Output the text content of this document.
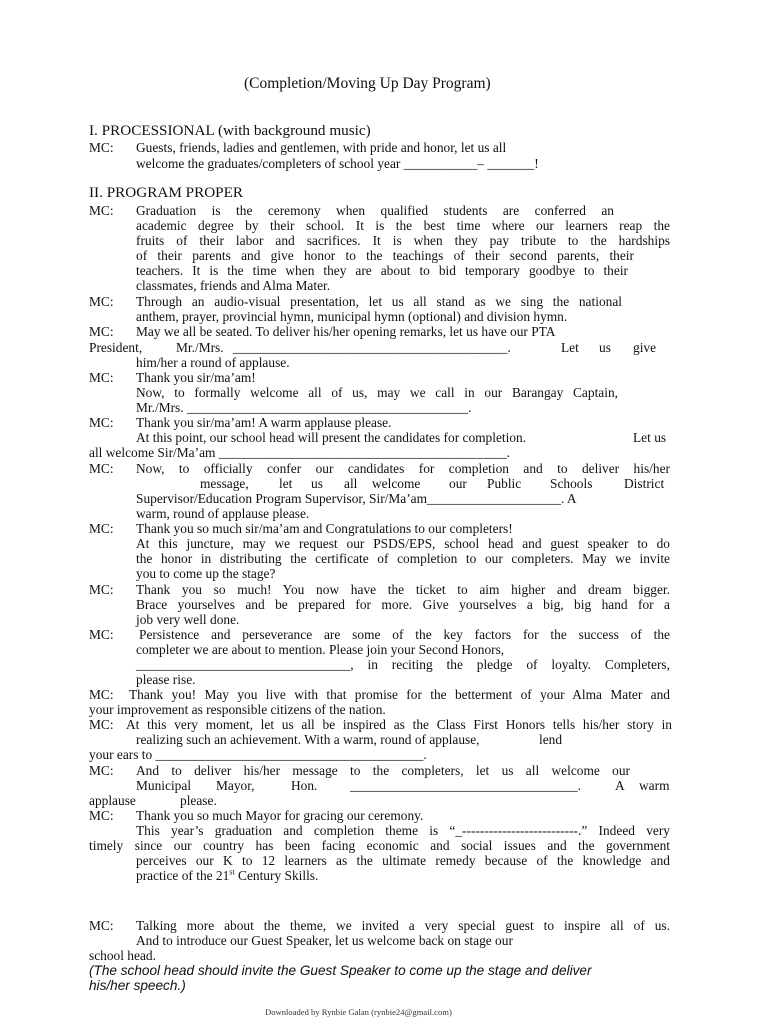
(Completion/Moving Up Day Program)
I. PROCESSIONAL (with background music)
MC: Guests, friends, ladies and gentlemen, with pride and honor, let us all
welcome the graduates/completers of school year ___________– _______!
II. PROGRAM PROPER
MC: Graduation is the ceremony when qualified students are conferred an
academic degree by their school. It is the best time where our learners reap the
fruits of their labor and sacrifices. It is when they pay tribute to the hardships
of their parents and give honor to the teachings of their second parents, their
teachers. It is the time when they are about to bid temporary goodbye to their
classmates, friends and Alma Mater.
MC: Through an audio-visual presentation, let us all stand as we sing the national
anthem, prayer, provincial hymn, municipal hymn (optional) and division hymn.
MC: May we all be seated. To deliver his/her opening remarks, let us have our PTA
President,	Mr./Mrs. _________________________________________.	Let us give
him/her a round of applause.
MC: Thank you sir/ma’am!
Now, to formally welcome all of us, may we call in our Barangay Captain,
Mr./Mrs. __________________________________________.
MC: Thank you sir/ma’am! A warm applause please.
At this point, our school head will present the candidates for completion.	Let us
all welcome Sir/Ma’am ___________________________________________.
MC: Now, to officially confer our candidates for completion and to deliver his/her
message, let us all welcome our Public Schools District
Supervisor/Education Program Supervisor, Sir/Ma’am____________________. A
warm, round of applause please.
MC: Thank you so much sir/ma’am and Congratulations to our completers!
At this juncture, may we request our PSDS/EPS, school head and guest speaker to do
the honor in distributing the certificate of completion to our completers. May we invite
you to come up the stage?
MC: Thank you so much! You now have the ticket to aim higher and dream bigger.
Brace yourselves and be prepared for more. Give yourselves a big, big hand for a
job very well done.
MC: Persistence and perseverance are some of the key factors for the success of the
completer we are about to mention. Please join your Second Honors,
________________________________, in reciting the pledge of loyalty. Completers,
please rise.
MC: Thank you! May you live with that promise for the betterment of your Alma Mater and
your improvement as responsible citizens of the nation.
MC: At this very moment, let us all be inspired as the Class First Honors tells his/her story in
realizing such an achievement. With a warm, round of applause,	lend
your ears to ________________________________________.
MC: And to deliver his/her message to the completers, let us all welcome our
Municipal Mayor,	Hon. __________________________________.	A warm
applause	please.
MC: Thank you so much Mayor for gracing our ceremony.
This year’s graduation and completion theme is “_--------------------------.” Indeed very
timely since our country has been facing economic and social issues and the government
perceives our K to 12 learners as the ultimate remedy because of the knowledge and
practice of the 21st Century Skills.
MC: Talking more about the theme, we invited a very special guest to inspire all of us.
And to introduce our Guest Speaker, let us welcome back on stage our
school head.
(The school head should invite the Guest Speaker to come up the stage and deliver
his/her speech.)
Downloaded by Rynbie Galan (rynbie24@gmail.com)
